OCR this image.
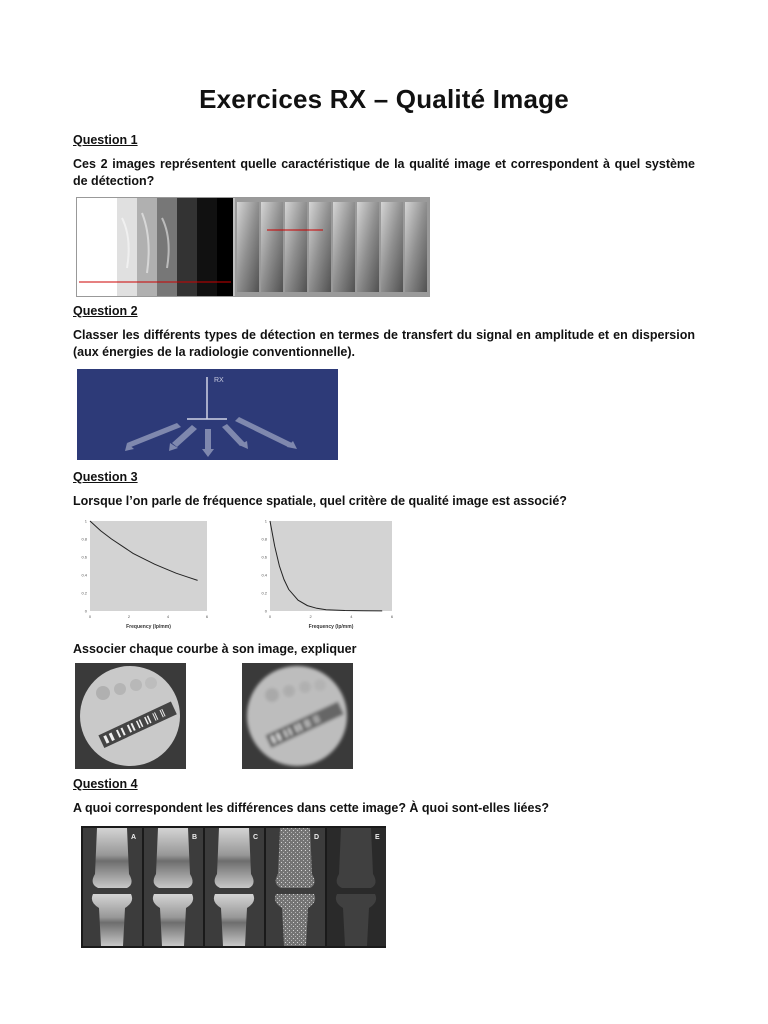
Exercices RX – Qualité Image
Question 1
Ces 2 images représentent quelle caractéristique de la qualité image et correspondent à quel système de détection?
Question 2
Classer les différents types de détection en termes de transfert du signal en amplitude et en dispersion (aux énergies de la radiologie conventionnelle).
RX
Question 3
Lorsque l’on parle de fréquence spatiale, quel critère de qualité image est associé?
1
0.8
0.6
0.4
0.2
0
0	2	4	6
Frequency (lp/mm)
1
0.8
0.6
0.4
0.2
0
0	2	4	6
Frequency (lp/mm)
Associer chaque courbe à son image, expliquer
Question 4
A quoi correspondent les différences dans cette image? À quoi sont-elles liées?
A	B	C	D	E
